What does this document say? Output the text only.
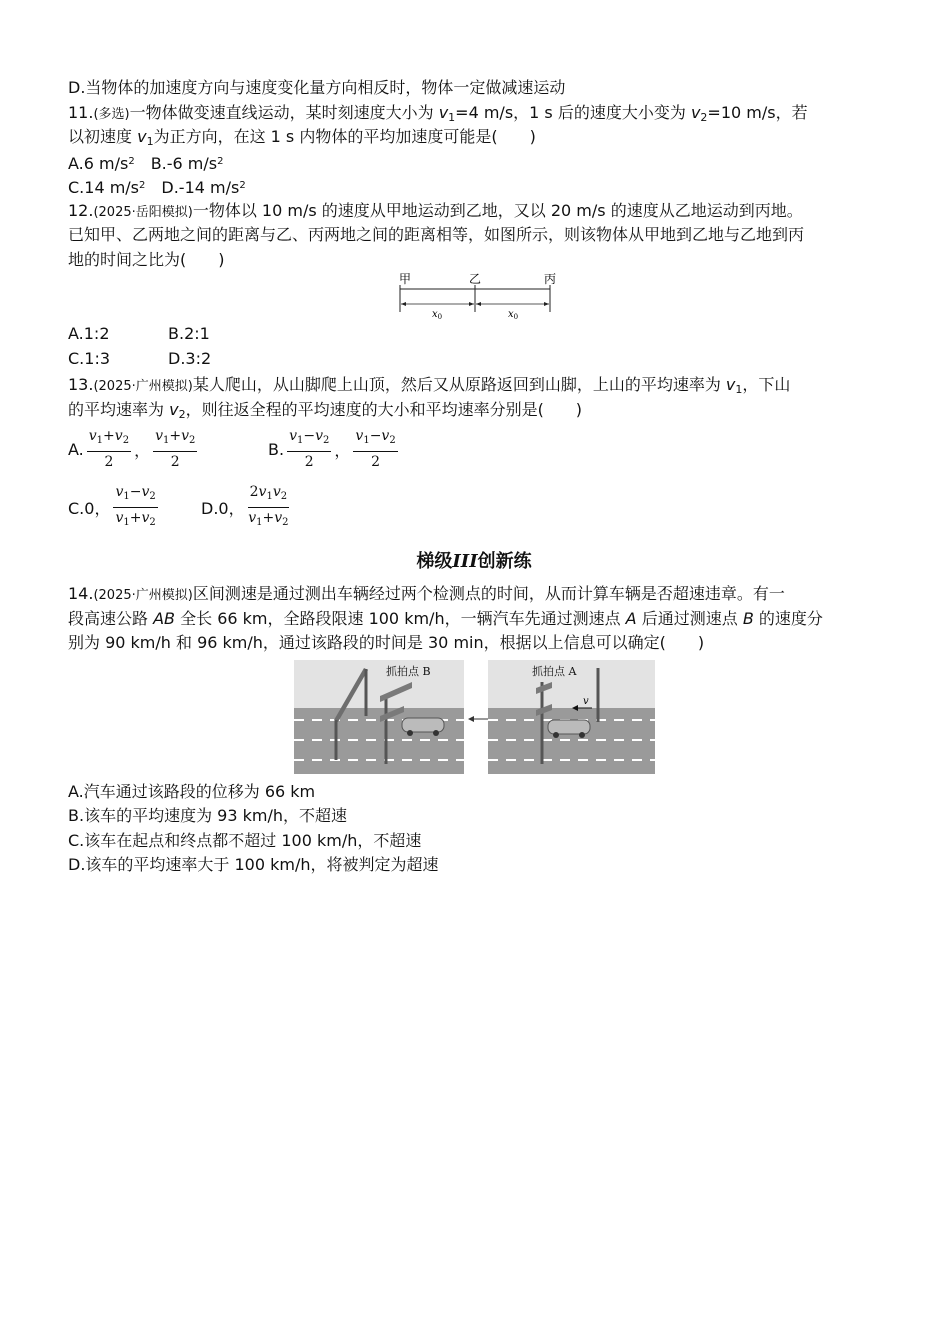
D.当物体的加速度方向与速度变化量方向相反时，物体一定做减速运动
11.(多选)一物体做变速直线运动，某时刻速度大小为 $v_1=4$ m/s，1 s 后的速度大小变为 $v_2=10$ m/s，若
以初速度 $v_1$为正方向，在这 1 s 内物体的平均加速度可能是(　　)
A.6 $m/s^2$ B.-6 $m/s^2$
C.14 $m/s^2$ D.-14 $m/s^2$
12.(2025·岳阳模拟)一物体以 10 m/s 的速度从甲地运动到乙地，又以 20 m/s 的速度从乙地运动到丙地。
已知甲、乙两地之间的距离与乙、丙两地之间的距离相等，如图所示，则该物体从甲地到乙地与乙地到丙
地的时间之比为(　　)
甲	乙	丙
$x_0$	$x_0$
A.1:2	B.2:1
C.1:3	D.3:2
13.(2025·广州模拟)某人爬山，从山脚爬上山顶，然后又从原路返回到山脚，上山的平均速率为 $v_1$，下山
的平均速率为 $v_2$，则往返全程的平均速度的大小和平均速率分别是(　　)
A. $\frac{v_1+v_2}{2}$ ， $\frac{v_1+v_2}{2}$	B. $\frac{v_1-v_2}{2}$ ， $\frac{v_1-v_2}{2}$
C.0， $\frac{v_1-v_2}{v_1+v_2}$	D.0， $\frac{2v_1v_2}{v_1+v_2}$
梯级III创新练
14.(2025·广州模拟)区间测速是通过测出车辆经过两个检测点的时间，从而计算车辆是否超速违章。有一
段高速公路 AB 全长 66 km，全路段限速 100 km/h，一辆汽车先通过测速点 A 后通过测速点 B 的速度分
别为 90 km/h 和 96 km/h，通过该路段的时间是 30 min，根据以上信息可以确定(　　)
抓拍点 B
v
抓拍点 A
A.汽车通过该路段的位移为 66 km
B.该车的平均速度为 93 km/h，不超速
C.该车在起点和终点都不超过 100 km/h，不超速
D.该车的平均速率大于 100 km/h，将被判定为超速
